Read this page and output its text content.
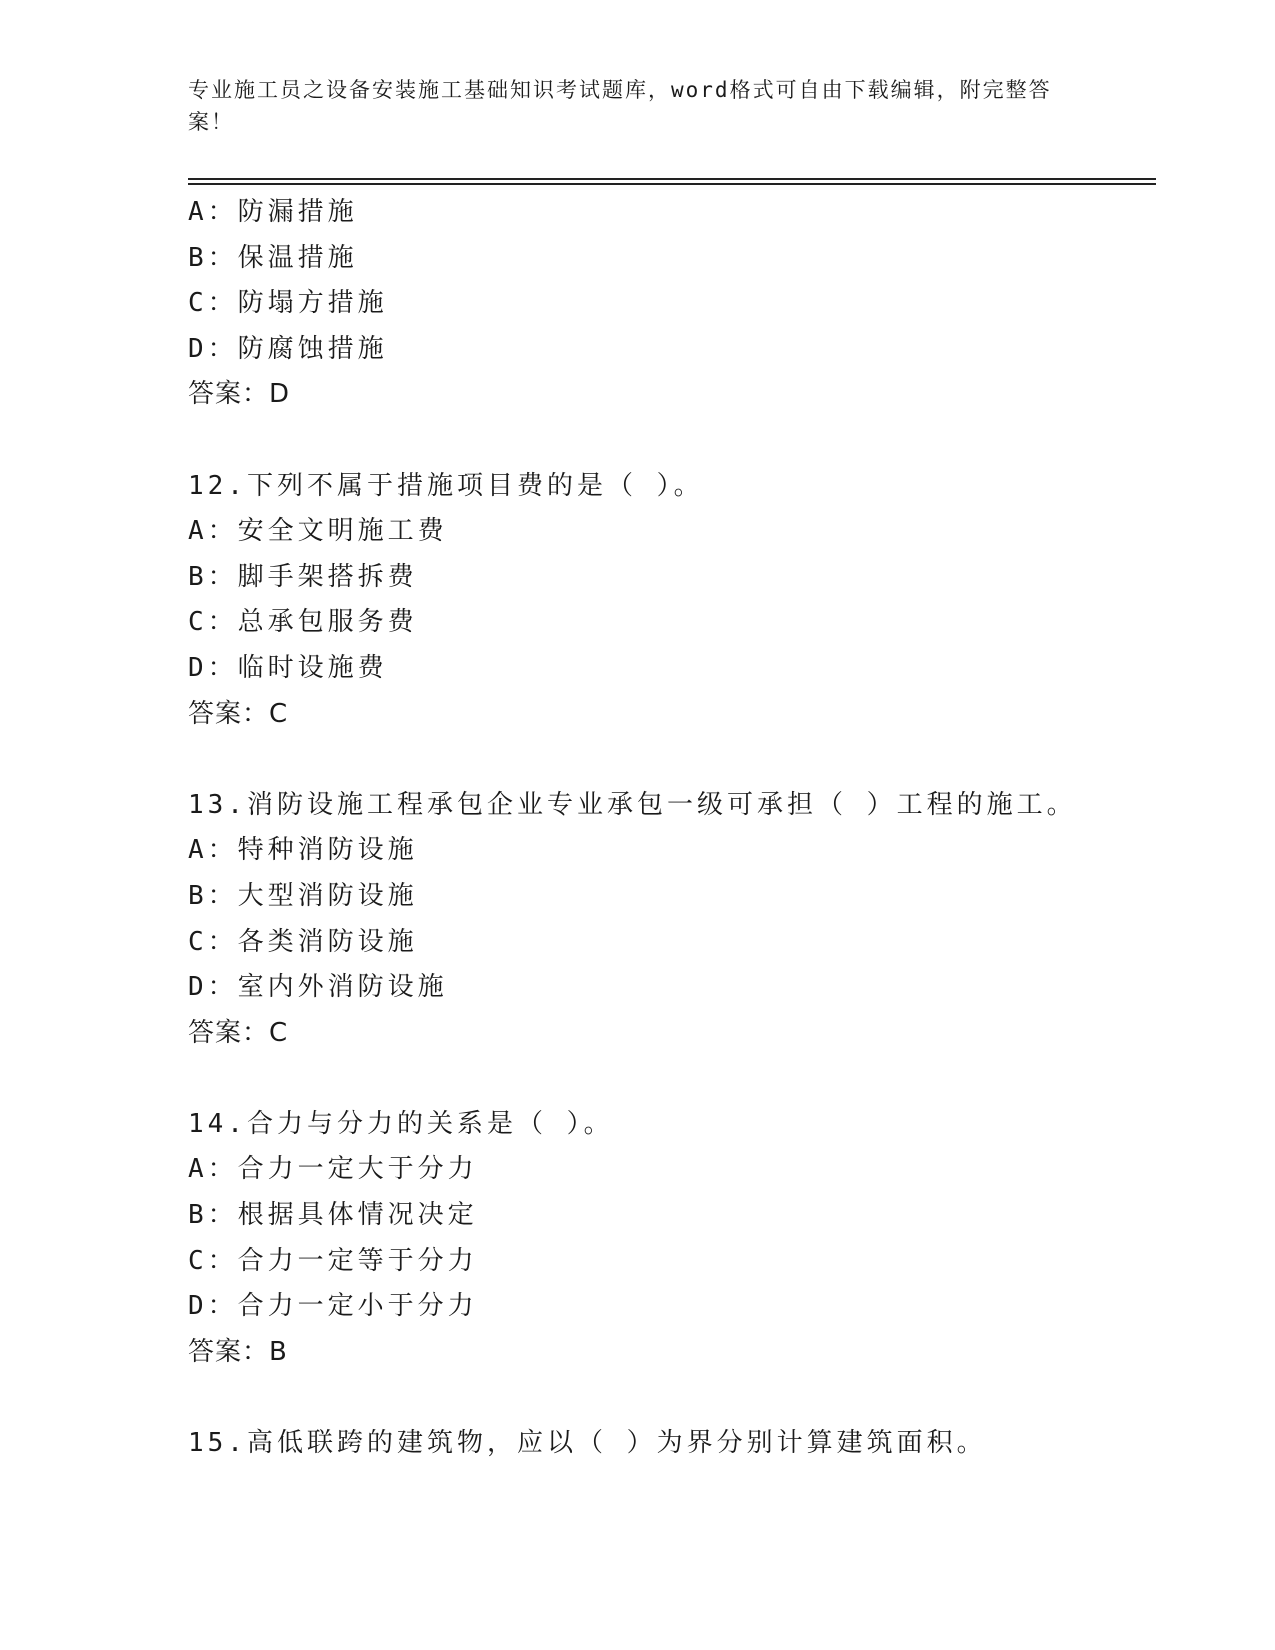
专业施工员之设备安装施工基础知识考试题库，word格式可自由下载编辑，附完整答案！
A：防漏措施
B：保温措施
C：防塌方措施
D：防腐蚀措施
答案：D
12.下列不属于措施项目费的是（ ）。
A：安全文明施工费
B：脚手架搭拆费
C：总承包服务费
D：临时设施费
答案：C
13.消防设施工程承包企业专业承包一级可承担（ ）工程的施工。
A：特种消防设施
B：大型消防设施
C：各类消防设施
D：室内外消防设施
答案：C
14.合力与分力的关系是（ ）。
A：合力一定大于分力
B：根据具体情况决定
C：合力一定等于分力
D：合力一定小于分力
答案：B
15.高低联跨的建筑物，应以（ ）为界分别计算建筑面积。
